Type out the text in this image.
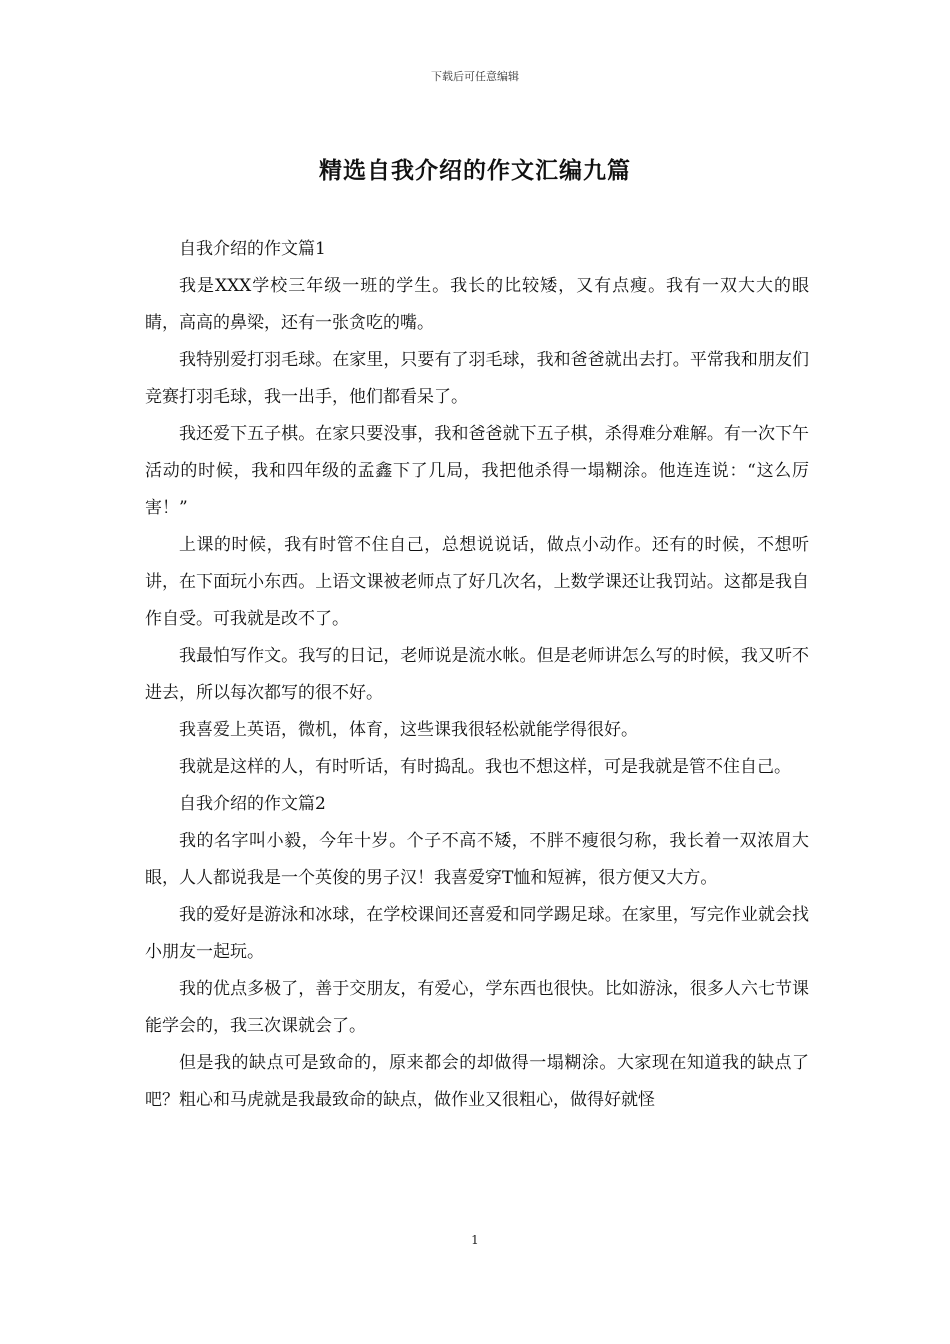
下载后可任意编辑
精选自我介绍的作文汇编九篇

自我介绍的作文篇1

我是XXX学校三年级一班的学生。我长的比较矮，又有点瘦。我有一双大大的眼睛，高高的鼻梁，还有一张贪吃的嘴。

我特别爱打羽毛球。在家里，只要有了羽毛球，我和爸爸就出去打。平常我和朋友们竞赛打羽毛球，我一出手，他们都看呆了。

我还爱下五子棋。在家只要没事，我和爸爸就下五子棋，杀得难分难解。有一次下午活动的时候，我和四年级的孟鑫下了几局，我把他杀得一塌糊涂。他连连说：“这么厉害！”

上课的时候，我有时管不住自己，总想说说话，做点小动作。还有的时候，不想听讲，在下面玩小东西。上语文课被老师点了好几次名，上数学课还让我罚站。这都是我自作自受。可我就是改不了。

我最怕写作文。我写的日记，老师说是流水帐。但是老师讲怎么写的时候，我又听不进去，所以每次都写的很不好。

我喜爱上英语，微机，体育，这些课我很轻松就能学得很好。

我就是这样的人，有时听话，有时捣乱。我也不想这样，可是我就是管不住自己。

自我介绍的作文篇2

我的名字叫小毅，今年十岁。个子不高不矮，不胖不瘦很匀称，我长着一双浓眉大眼，人人都说我是一个英俊的男子汉！我喜爱穿T恤和短裤，很方便又大方。

我的爱好是游泳和冰球，在学校课间还喜爱和同学踢足球。在家里，写完作业就会找小朋友一起玩。

我的优点多极了，善于交朋友，有爱心，学东西也很快。比如游泳，很多人六七节课能学会的，我三次课就会了。

但是我的缺点可是致命的，原来都会的却做得一塌糊涂。大家现在知道我的缺点了吧？粗心和马虎就是我最致命的缺点，做作业又很粗心，做得好就怪

1
